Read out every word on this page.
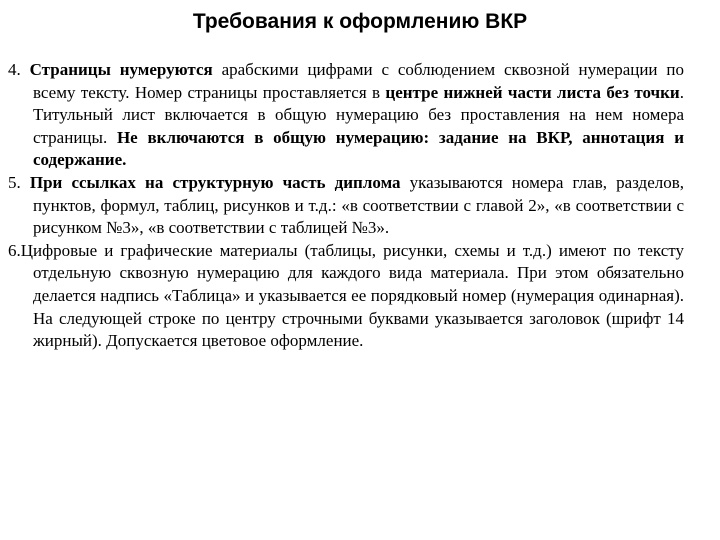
Требования к оформлению ВКР

4. Страницы нумеруются арабскими цифрами с соблюдением сквозной нумерации по всему тексту. Номер страницы проставляется в центре нижней части листа без точки. Титульный лист включается в общую нумерацию без проставления на нем номера страницы. Не включаются в общую нумерацию: задание на ВКР, аннотация и содержание.

5. При ссылках на структурную часть диплома указываются номера глав, разделов, пунктов, формул, таблиц, рисунков и т.д.: «в соответствии с главой 2», «в соответствии с рисунком №3», «в соответствии с таблицей №3».

6.Цифровые и графические материалы (таблицы, рисунки, схемы и т.д.) имеют по тексту отдельную сквозную нумерацию для каждого вида материала. При этом обязательно делается надпись «Таблица» и указывается ее порядковый номер (нумерация одинарная). На следующей строке по центру строчными буквами указывается заголовок (шрифт 14 жирный). Допускается цветовое оформление.
